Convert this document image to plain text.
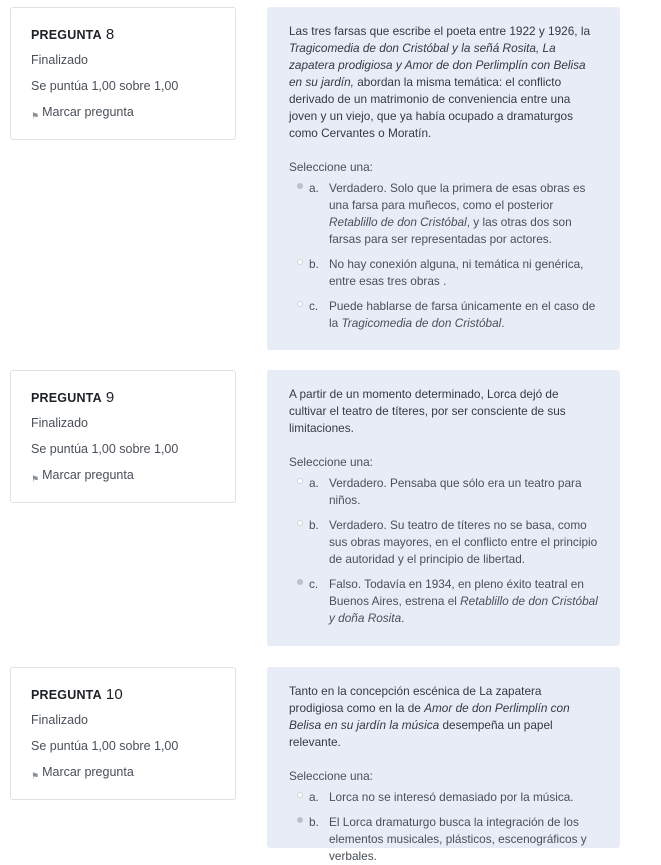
PREGUNTA 8
Finalizado
Se puntúa 1,00 sobre 1,00
⚑ Marcar pregunta

Las tres farsas que escribe el poeta entre 1922 y 1926, la Tragicomedia de don Cristóbal y la señá Rosita, La zapatera prodigiosa y Amor de don Perlimplín con Belisa en su jardín, abordan la misma temática: el conflicto derivado de un matrimonio de conveniencia entre una joven y un viejo, que ya había ocupado a dramaturgos como Cervantes o Moratín.

Seleccione una:
a. Verdadero. Solo que la primera de esas obras es una farsa para muñecos, como el posterior Retablillo de don Cristóbal, y las otras dos son farsas para ser representadas por actores.
b. No hay conexión alguna, ni temática ni genérica, entre esas tres obras .
c. Puede hablarse de farsa únicamente en el caso de la Tragicomedia de don Cristóbal.
PREGUNTA 9
Finalizado
Se puntúa 1,00 sobre 1,00
⚑ Marcar pregunta

A partir de un momento determinado, Lorca dejó de cultivar el teatro de títeres, por ser consciente de sus limitaciones.

Seleccione una:
a. Verdadero. Pensaba que sólo era un teatro para niños.
b. Verdadero. Su teatro de títeres no se basa, como sus obras mayores, en el conflicto entre el principio de autoridad y el principio de libertad.
c. Falso. Todavía en 1934, en pleno éxito teatral en Buenos Aires, estrena el Retablillo de don Cristóbal y doña Rosita.
PREGUNTA 10
Finalizado
Se puntúa 1,00 sobre 1,00
⚑ Marcar pregunta

Tanto en la concepción escénica de La zapatera prodigiosa como en la de Amor de don Perlimplín con Belisa en su jardín la música desempeña un papel relevante.

Seleccione una:
a. Lorca no se interesó demasiado por la música.
b. El Lorca dramaturgo busca la integración de los elementos musicales, plásticos, escenográficos y verbales.
